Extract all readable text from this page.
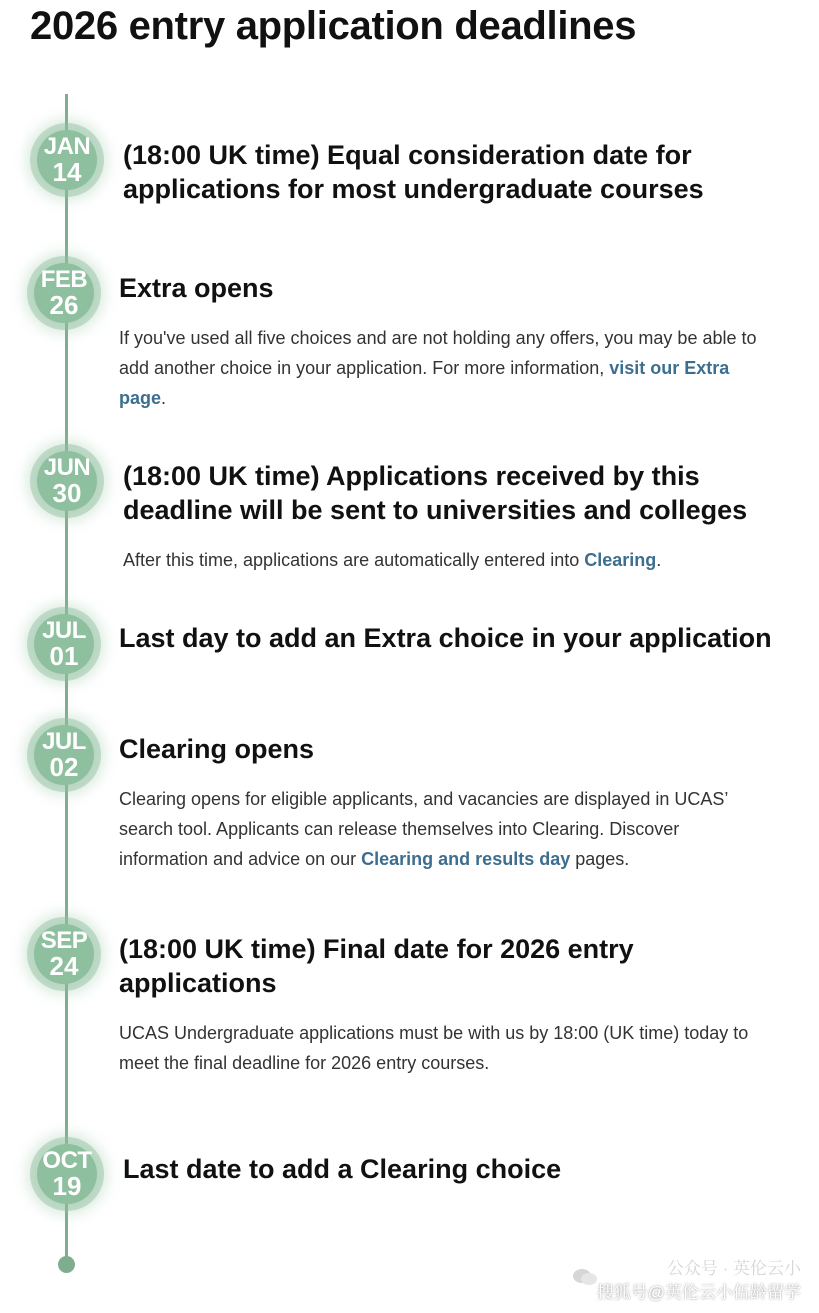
2026 entry application deadlines
JAN
14
(18:00 UK time) Equal consideration date for
applications for most undergraduate courses
FEB
26
Extra opens
If you've used all five choices and are not holding any offers, you may be able to
add another choice in your application. For more information, visit our Extra
page.
JUN
30
(18:00 UK time) Applications received by this
deadline will be sent to universities and colleges
After this time, applications are automatically entered into Clearing.
JUL
01
Last day to add an Extra choice in your application
JUL
02
Clearing opens
Clearing opens for eligible applicants, and vacancies are displayed in UCAS’
search tool. Applicants can release themselves into Clearing. Discover
information and advice on our Clearing and results day pages.
SEP
24
(18:00 UK time) Final date for 2026 entry
applications
UCAS Undergraduate applications must be with us by 18:00 (UK time) today to
meet the final deadline for 2026 entry courses.
OCT
19
Last date to add a Clearing choice
公众号 · 英伦云小
搜狐号@英伦云小伍龄留学
